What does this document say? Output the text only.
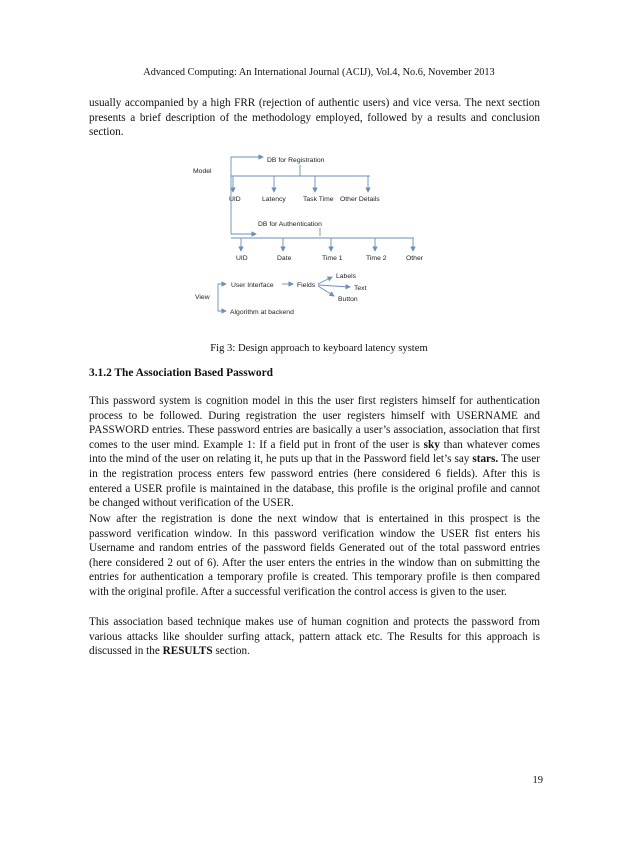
Advanced Computing: An International Journal (ACIJ), Vol.4, No.6, November 2013

usually accompanied by a high FRR (rejection of authentic users) and vice versa. The next section presents a brief description of the methodology employed, followed by a results and conclusion section.

Model
DB for Registration
UID	Latency	Task Time Other Details
DB for Authentication
UID	Date	Time 1	Time 2	Other
View
User Interface	Fields
Labels
Text
Button
Algorithm at backend
Fig 3: Design approach to keyboard latency system
3.1.2 The Association Based Password

This password system is cognition model in this the user first registers himself for authentication process to be followed. During registration the user registers himself with USERNAME and PASSWORD entries. These password entries are basically a user’s association, association that first comes to the user mind. Example 1: If a field put in front of the user is sky than whatever comes into the mind of the user on relating it, he puts up that in the Password field let’s say stars. The user in the registration process enters few password entries (here considered 6 fields). After this is entered a USER profile is maintained in the database, this profile is the original profile and cannot be changed without verification of the USER.

Now after the registration is done the next window that is entertained in this prospect is the password verification window. In this password verification window the USER fist enters his Username and random entries of the password fields Generated out of the total password entries (here considered 2 out of 6). After the user enters the entries in the window than on submitting the entries for authentication a temporary profile is created. This temporary profile is then compared with the original profile. After a successful verification the control access is given to the user.

This association based technique makes use of human cognition and protects the password from various attacks like shoulder surfing attack, pattern attack etc. The Results for this approach is discussed in the RESULTS section.

19
